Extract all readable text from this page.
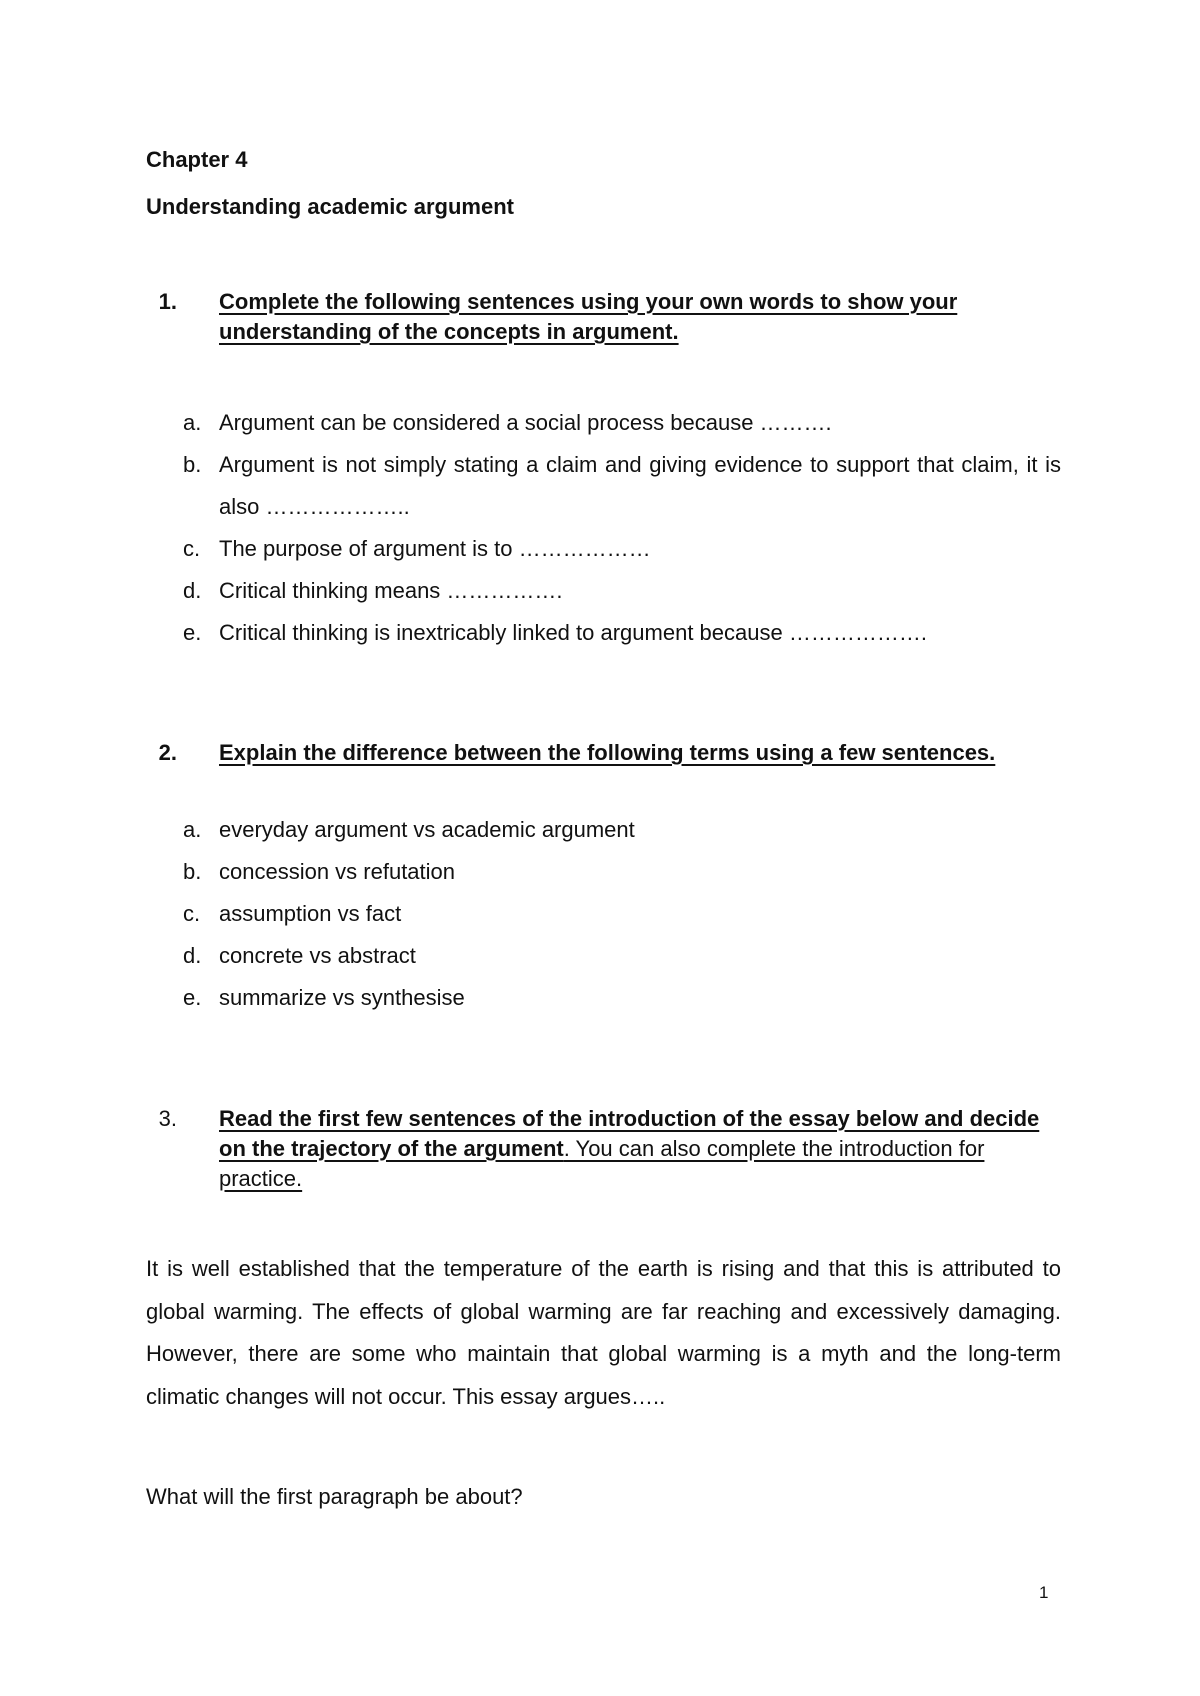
Chapter 4
Understanding academic argument
1. Complete the following sentences using your own words to show your understanding of the concepts in argument.
a. Argument can be considered a social process because ……….
b. Argument is not simply stating a claim and giving evidence to support that claim, it is also ………………..
c. The purpose of argument is to ………………
d. Critical thinking means …………….
e. Critical thinking is inextricably linked to argument because ……………….
2. Explain the difference between the following terms using a few sentences.
a. everyday argument vs academic argument
b. concession vs refutation
c. assumption vs fact
d. concrete vs abstract
e. summarize vs synthesise
3. Read the first few sentences of the introduction of the essay below and decide on the trajectory of the argument. You can also complete the introduction for practice.
It is well established that the temperature of the earth is rising and that this is attributed to global warming. The effects of global warming are far reaching and excessively damaging. However, there are some who maintain that global warming is a myth and the long-term climatic changes will not occur. This essay argues…..
What will the first paragraph be about?
1
